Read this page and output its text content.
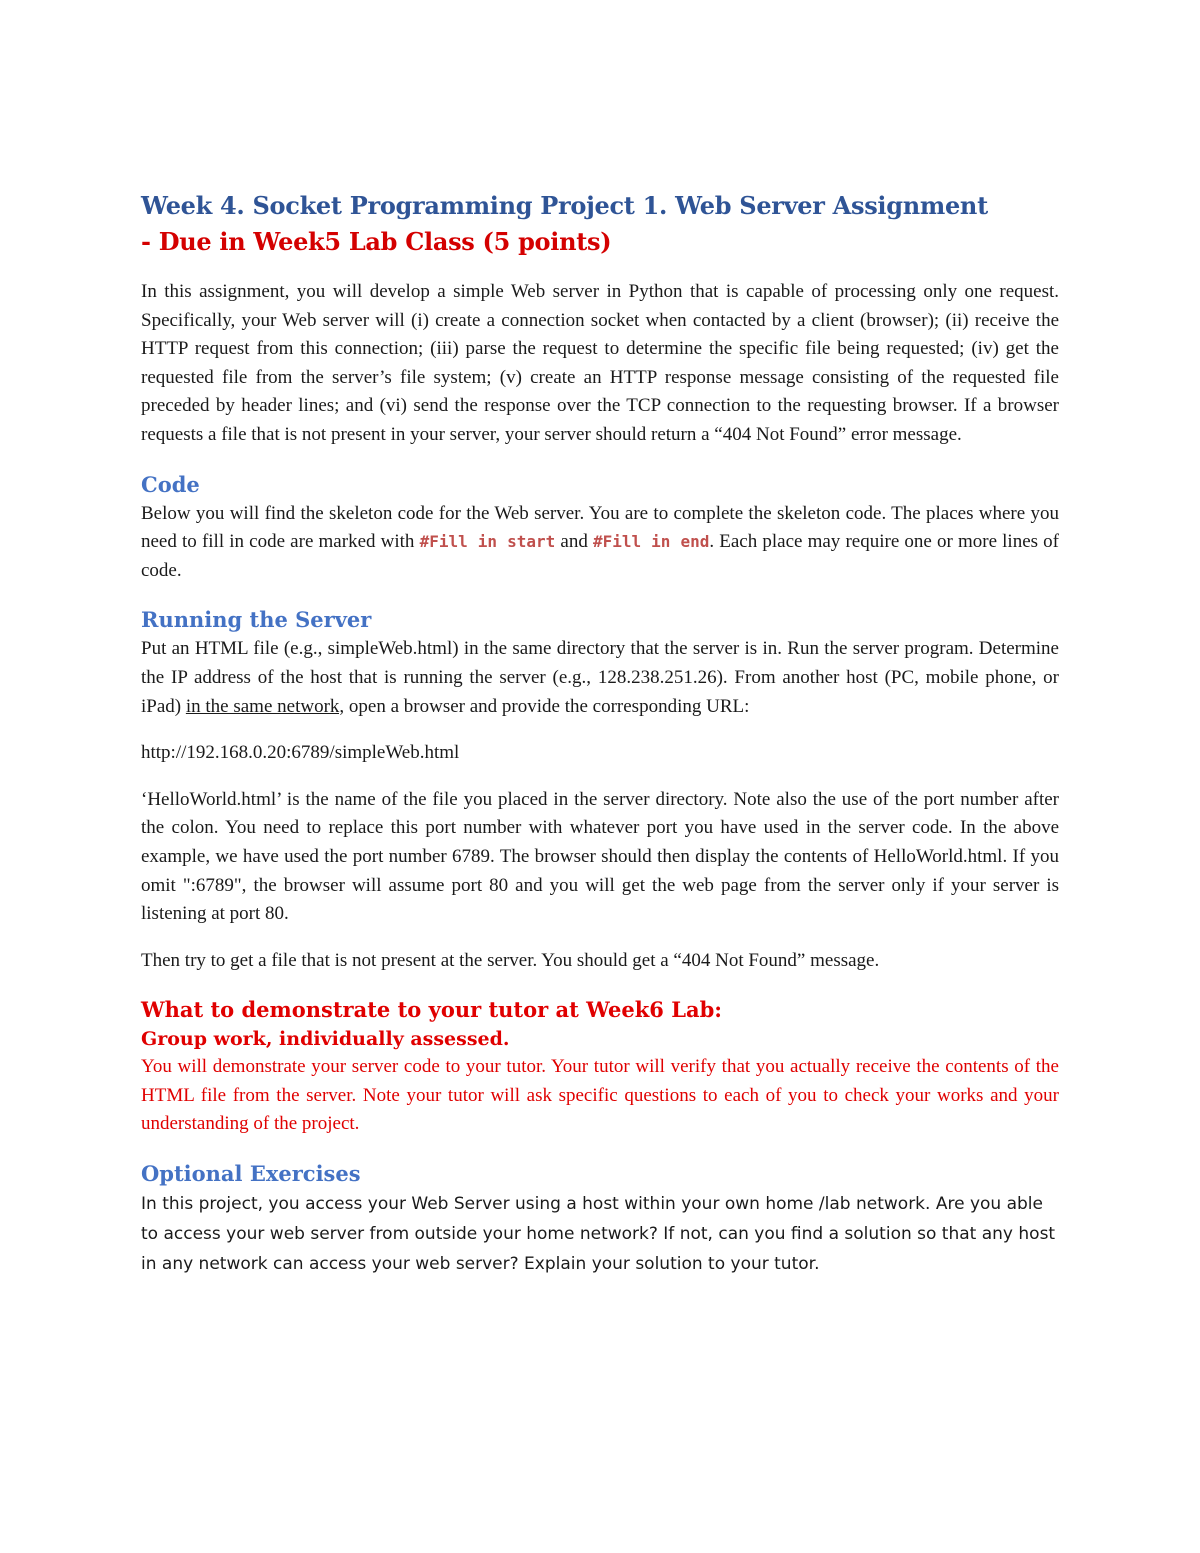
Week 4. Socket Programming Project 1. Web Server Assignment
- Due in Week5 Lab Class (5 points)

In this assignment, you will develop a simple Web server in Python that is capable of processing only one request. Specifically, your Web server will (i) create a connection socket when contacted by a client (browser); (ii) receive the HTTP request from this connection; (iii) parse the request to determine the specific file being requested; (iv) get the requested file from the server’s file system; (v) create an HTTP response message consisting of the requested file preceded by header lines; and (vi) send the response over the TCP connection to the requesting browser. If a browser requests a file that is not present in your server, your server should return a “404 Not Found” error message.

Code

Below you will find the skeleton code for the Web server. You are to complete the skeleton code. The places where you need to fill in code are marked with #Fill in start and #Fill in end. Each place may require one or more lines of code.

Running the Server

Put an HTML file (e.g., simpleWeb.html) in the same directory that the server is in. Run the server program. Determine the IP address of the host that is running the server (e.g., 128.238.251.26). From another host (PC, mobile phone, or iPad) in the same network, open a browser and provide the corresponding URL:

http://192.168.0.20:6789/simpleWeb.html

‘HelloWorld.html’ is the name of the file you placed in the server directory. Note also the use of the port number after the colon. You need to replace this port number with whatever port you have used in the server code. In the above example, we have used the port number 6789. The browser should then display the contents of HelloWorld.html. If you omit ":6789", the browser will assume port 80 and you will get the web page from the server only if your server is listening at port 80.

Then try to get a file that is not present at the server. You should get a “404 Not Found” message.

What to demonstrate to your tutor at Week6 Lab:
Group work, individually assessed.

You will demonstrate your server code to your tutor. Your tutor will verify that you actually receive the contents of the HTML file from the server. Note your tutor will ask specific questions to each of you to check your works and your understanding of the project.

Optional Exercises

In this project, you access your Web Server using a host within your own home /lab network. Are you able to access your web server from outside your home network? If not, can you find a solution so that any host in any network can access your web server? Explain your solution to your tutor.
